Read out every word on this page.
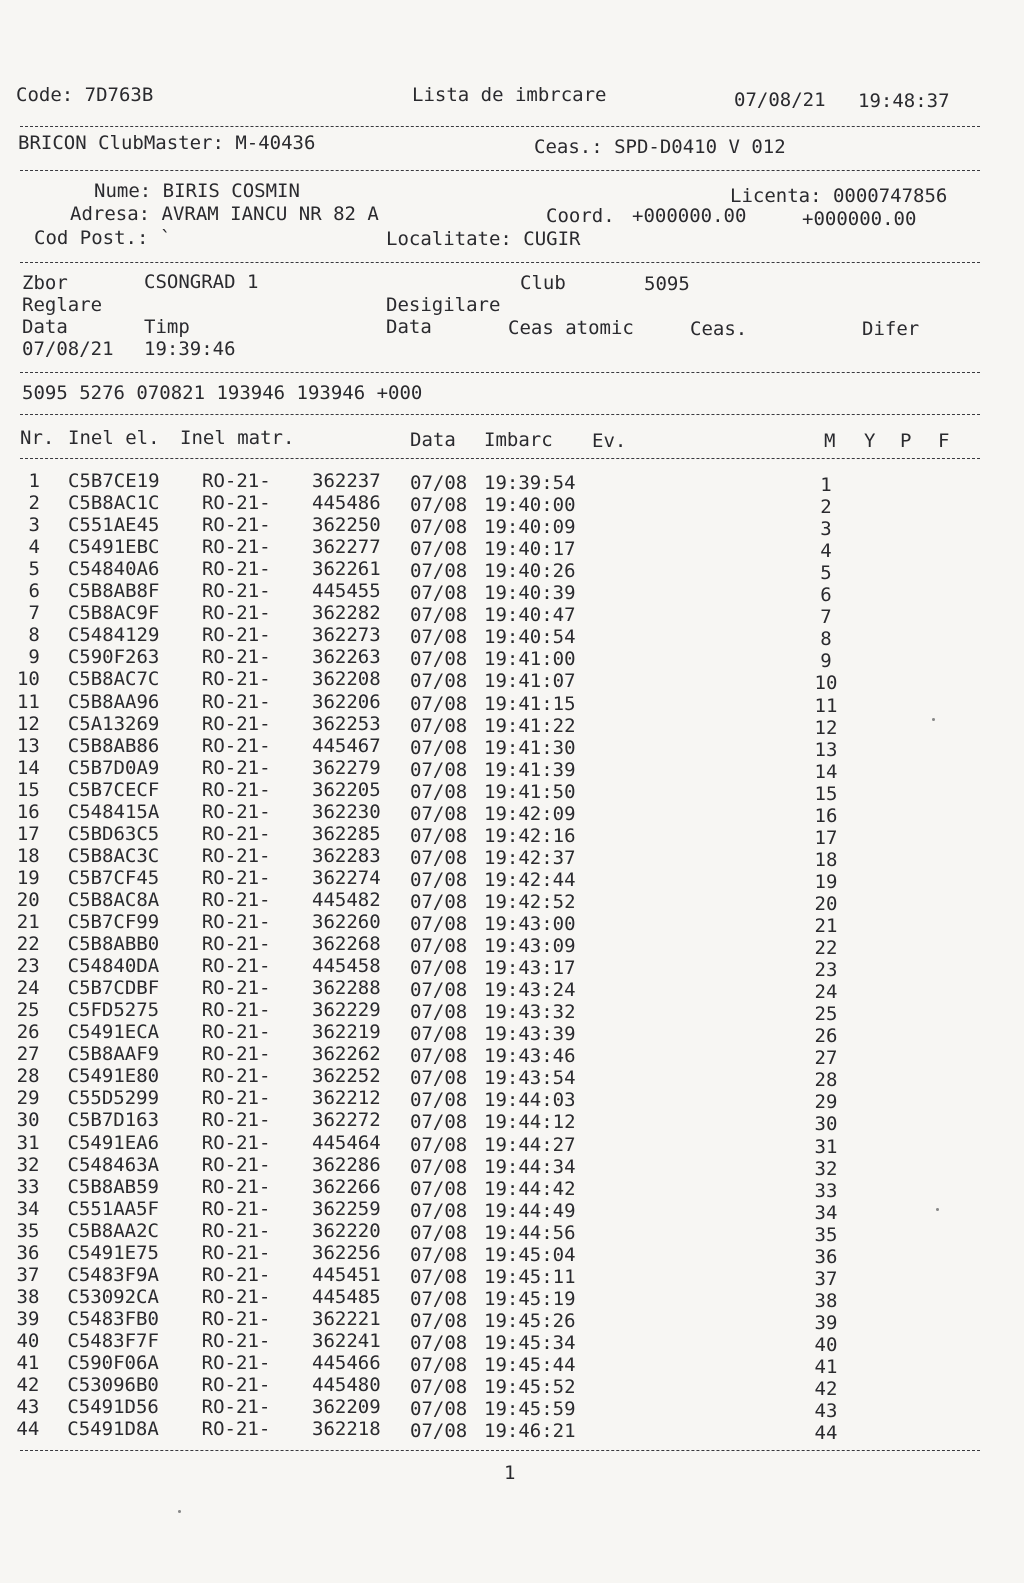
Code: 7D763B	Lista de imbrcare	07/08/21 19:48:37
BRICON ClubMaster: M-40436	Ceas.: SPD-D0410 V 012
Nume: BIRIS COSMIN	Licenta: 0000747856
Adresa: AVRAM IANCU NR 82 A	Coord. +000000.00	+000000.00
Cod Post.: `	Localitate: CUGIR
Zbor	CSONGRAD 1	Club	5095
Reglare	Desigilare
Data	Timp	Data	Ceas atomic	Ceas.	Difer
07/08/21 19:39:46
5095 5276 070821 193946 193946 +000
Nr. Inel el. Inel matr.	Data Imbarc Ev.	M Y P F
1 C5B7CE19 RO-21- 362237 07/08 19:39:54	1
2 C5B8AC1C RO-21- 445486 07/08 19:40:00	2
3 C551AE45 RO-21- 362250 07/08 19:40:09	3
4 C5491EBC RO-21- 362277 07/08 19:40:17	4
5 C54840A6 RO-21- 362261 07/08 19:40:26	5
6 C5B8AB8F RO-21- 445455 07/08 19:40:39	6
7 C5B8AC9F RO-21- 362282 07/08 19:40:47	7
8 C5484129 RO-21- 362273 07/08 19:40:54	8
9 C590F263 RO-21- 362263 07/08 19:41:00	9
10 C5B8AC7C RO-21- 362208 07/08 19:41:07	10
11 C5B8AA96 RO-21- 362206 07/08 19:41:15	11
12 C5A13269 RO-21- 362253 07/08 19:41:22	12
13 C5B8AB86 RO-21- 445467 07/08 19:41:30	13
14 C5B7D0A9 RO-21- 362279 07/08 19:41:39	14
15 C5B7CECF RO-21- 362205 07/08 19:41:50	15
16 C548415A RO-21- 362230 07/08 19:42:09	16
17 C5BD63C5 RO-21- 362285 07/08 19:42:16	17
18 C5B8AC3C RO-21- 362283 07/08 19:42:37	18
19 C5B7CF45 RO-21- 362274 07/08 19:42:44	19
20 C5B8AC8A RO-21- 445482 07/08 19:42:52	20
21 C5B7CF99 RO-21- 362260 07/08 19:43:00	21
22 C5B8ABB0 RO-21- 362268 07/08 19:43:09	22
23 C54840DA RO-21- 445458 07/08 19:43:17	23
24 C5B7CDBF RO-21- 362288 07/08 19:43:24	24
25 C5FD5275 RO-21- 362229 07/08 19:43:32	25
26 C5491ECA RO-21- 362219 07/08 19:43:39	26
27 C5B8AAF9 RO-21- 362262 07/08 19:43:46	27
28 C5491E80 RO-21- 362252 07/08 19:43:54	28
29 C55D5299 RO-21- 362212 07/08 19:44:03	29
30 C5B7D163 RO-21- 362272 07/08 19:44:12	30
31 C5491EA6 RO-21- 445464 07/08 19:44:27	31
32 C548463A RO-21- 362286 07/08 19:44:34	32
33 C5B8AB59 RO-21- 362266 07/08 19:44:42	33
34 C551AA5F RO-21- 362259 07/08 19:44:49	34
35 C5B8AA2C RO-21- 362220 07/08 19:44:56	35
36 C5491E75 RO-21- 362256 07/08 19:45:04	36
37 C5483F9A RO-21- 445451 07/08 19:45:11	37
38 C53092CA RO-21- 445485 07/08 19:45:19	38
39 C5483FB0 RO-21- 362221 07/08 19:45:26	39
40 C5483F7F RO-21- 362241 07/08 19:45:34	40
41 C590F06A RO-21- 445466 07/08 19:45:44	41
42 C53096B0 RO-21- 445480 07/08 19:45:52	42
43 C5491D56 RO-21- 362209 07/08 19:45:59	43
44 C5491D8A RO-21- 362218 07/08 19:46:21	44
1
